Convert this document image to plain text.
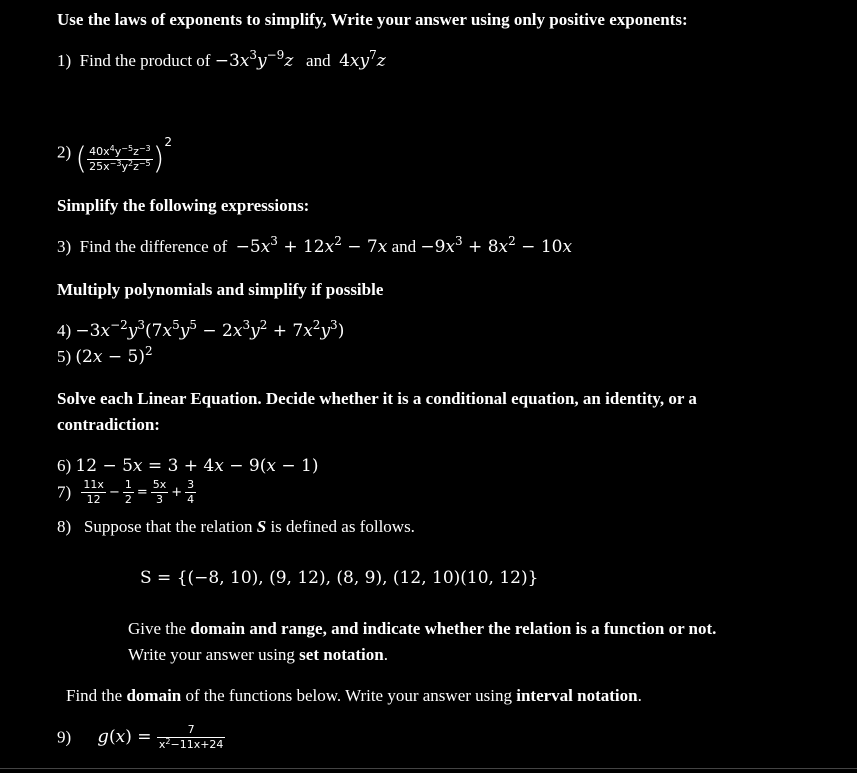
Use the laws of exponents to simplify, Write your answer using only positive exponents:
1) Find the product of $-3x^3y^{-9}z$ and $4xy^7z$
2) ( $\frac{40x^4y^{-5}z^{-3}}{25x^{-3}y^2z^{-5}} )^2$
Simplify the following expressions:
3) Find the difference of $-5x^3 + 12x^2 - 7x$ and $-9x^3 + 8x^2 - 10x$
Multiply polynomials and simplify if possible
$4) -3x^{-2}y^3(7x^5y^5 - 2x^3y^2 + 7x^2y^3)$
5) $(2x - 5)^2$
Solve each Linear Equation. Decide whether it is a conditional equation, an identity, or a
contradiction:
6) 12 − 5x = 3 + 4x − 9(x − 1)
$7) \frac{11x}{12} - \frac{1}{2} = \frac{5x}{3} + \frac{3}{4}$
8) Suppose that the relation S is defined as follows.
S = {(−8, 10), (9, 12), (8, 9), (12, 10)(10, 12)}
Give the domain and range, and indicate whether the relation is a function or not.
Write your answer using set notation.
Find the domain of the functions below. Write your answer using interval notation.
9) $g(x) = \frac{7}{x^2-11x+24}$
